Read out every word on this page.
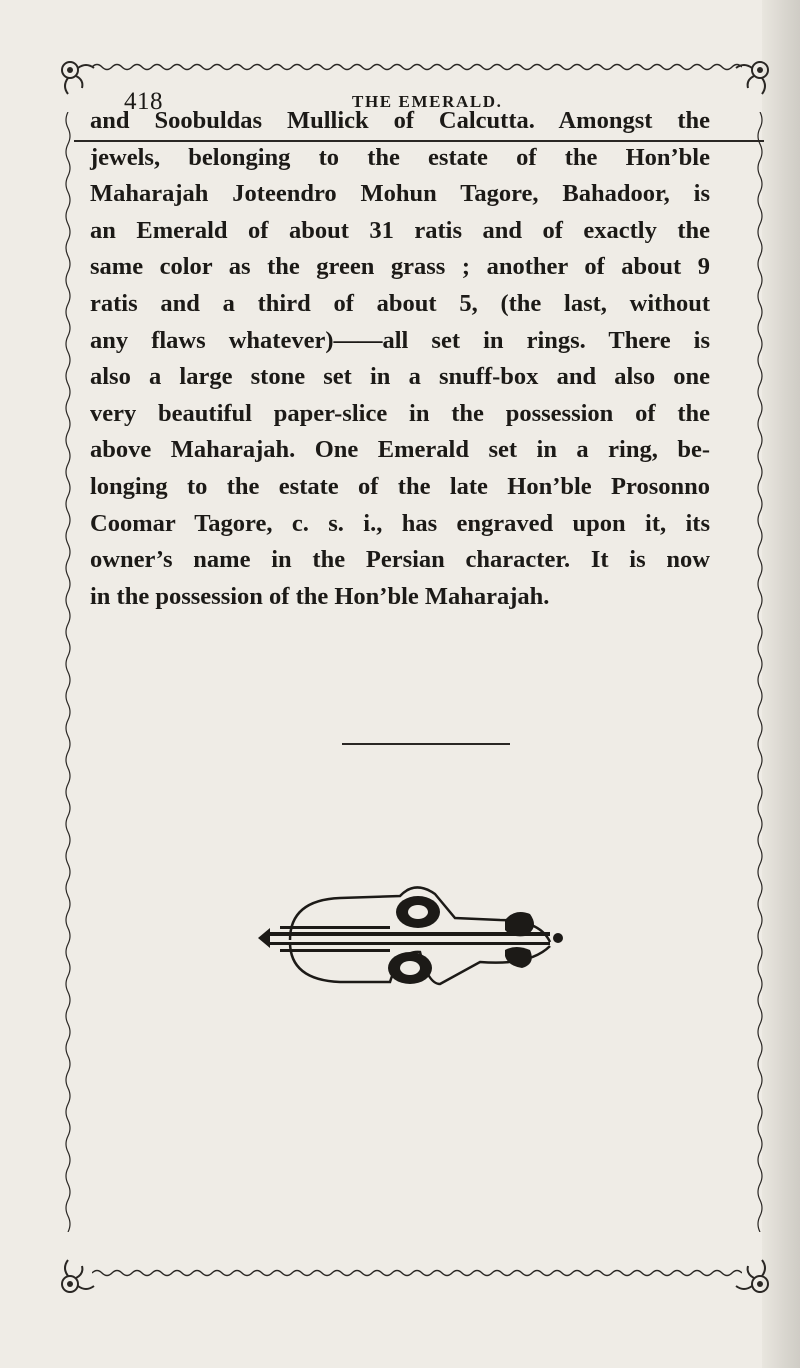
418	THE EMERALD.

and Soobuldas Mullick of Calcutta. Amongst the
jewels, belonging to the estate of the Hon’ble
Maharajah Joteendro Mohun Tagore, Bahadoor, is
an Emerald of about 31 ratis and of exactly the
same color as the green grass ; another of about 9
ratis and a third of about 5, (the last, without
any flaws whatever)——all set in rings. There is
also a large stone set in a snuff-box and also one
very beautiful paper-slice in the possession of the
above Maharajah. One Emerald set in a ring, be-
longing to the estate of the late Hon’ble Prosonno
Coomar Tagore, c. s. i., has engraved upon it, its
owner’s name in the Persian character. It is now
in the possession of the Hon’ble Maharajah.
